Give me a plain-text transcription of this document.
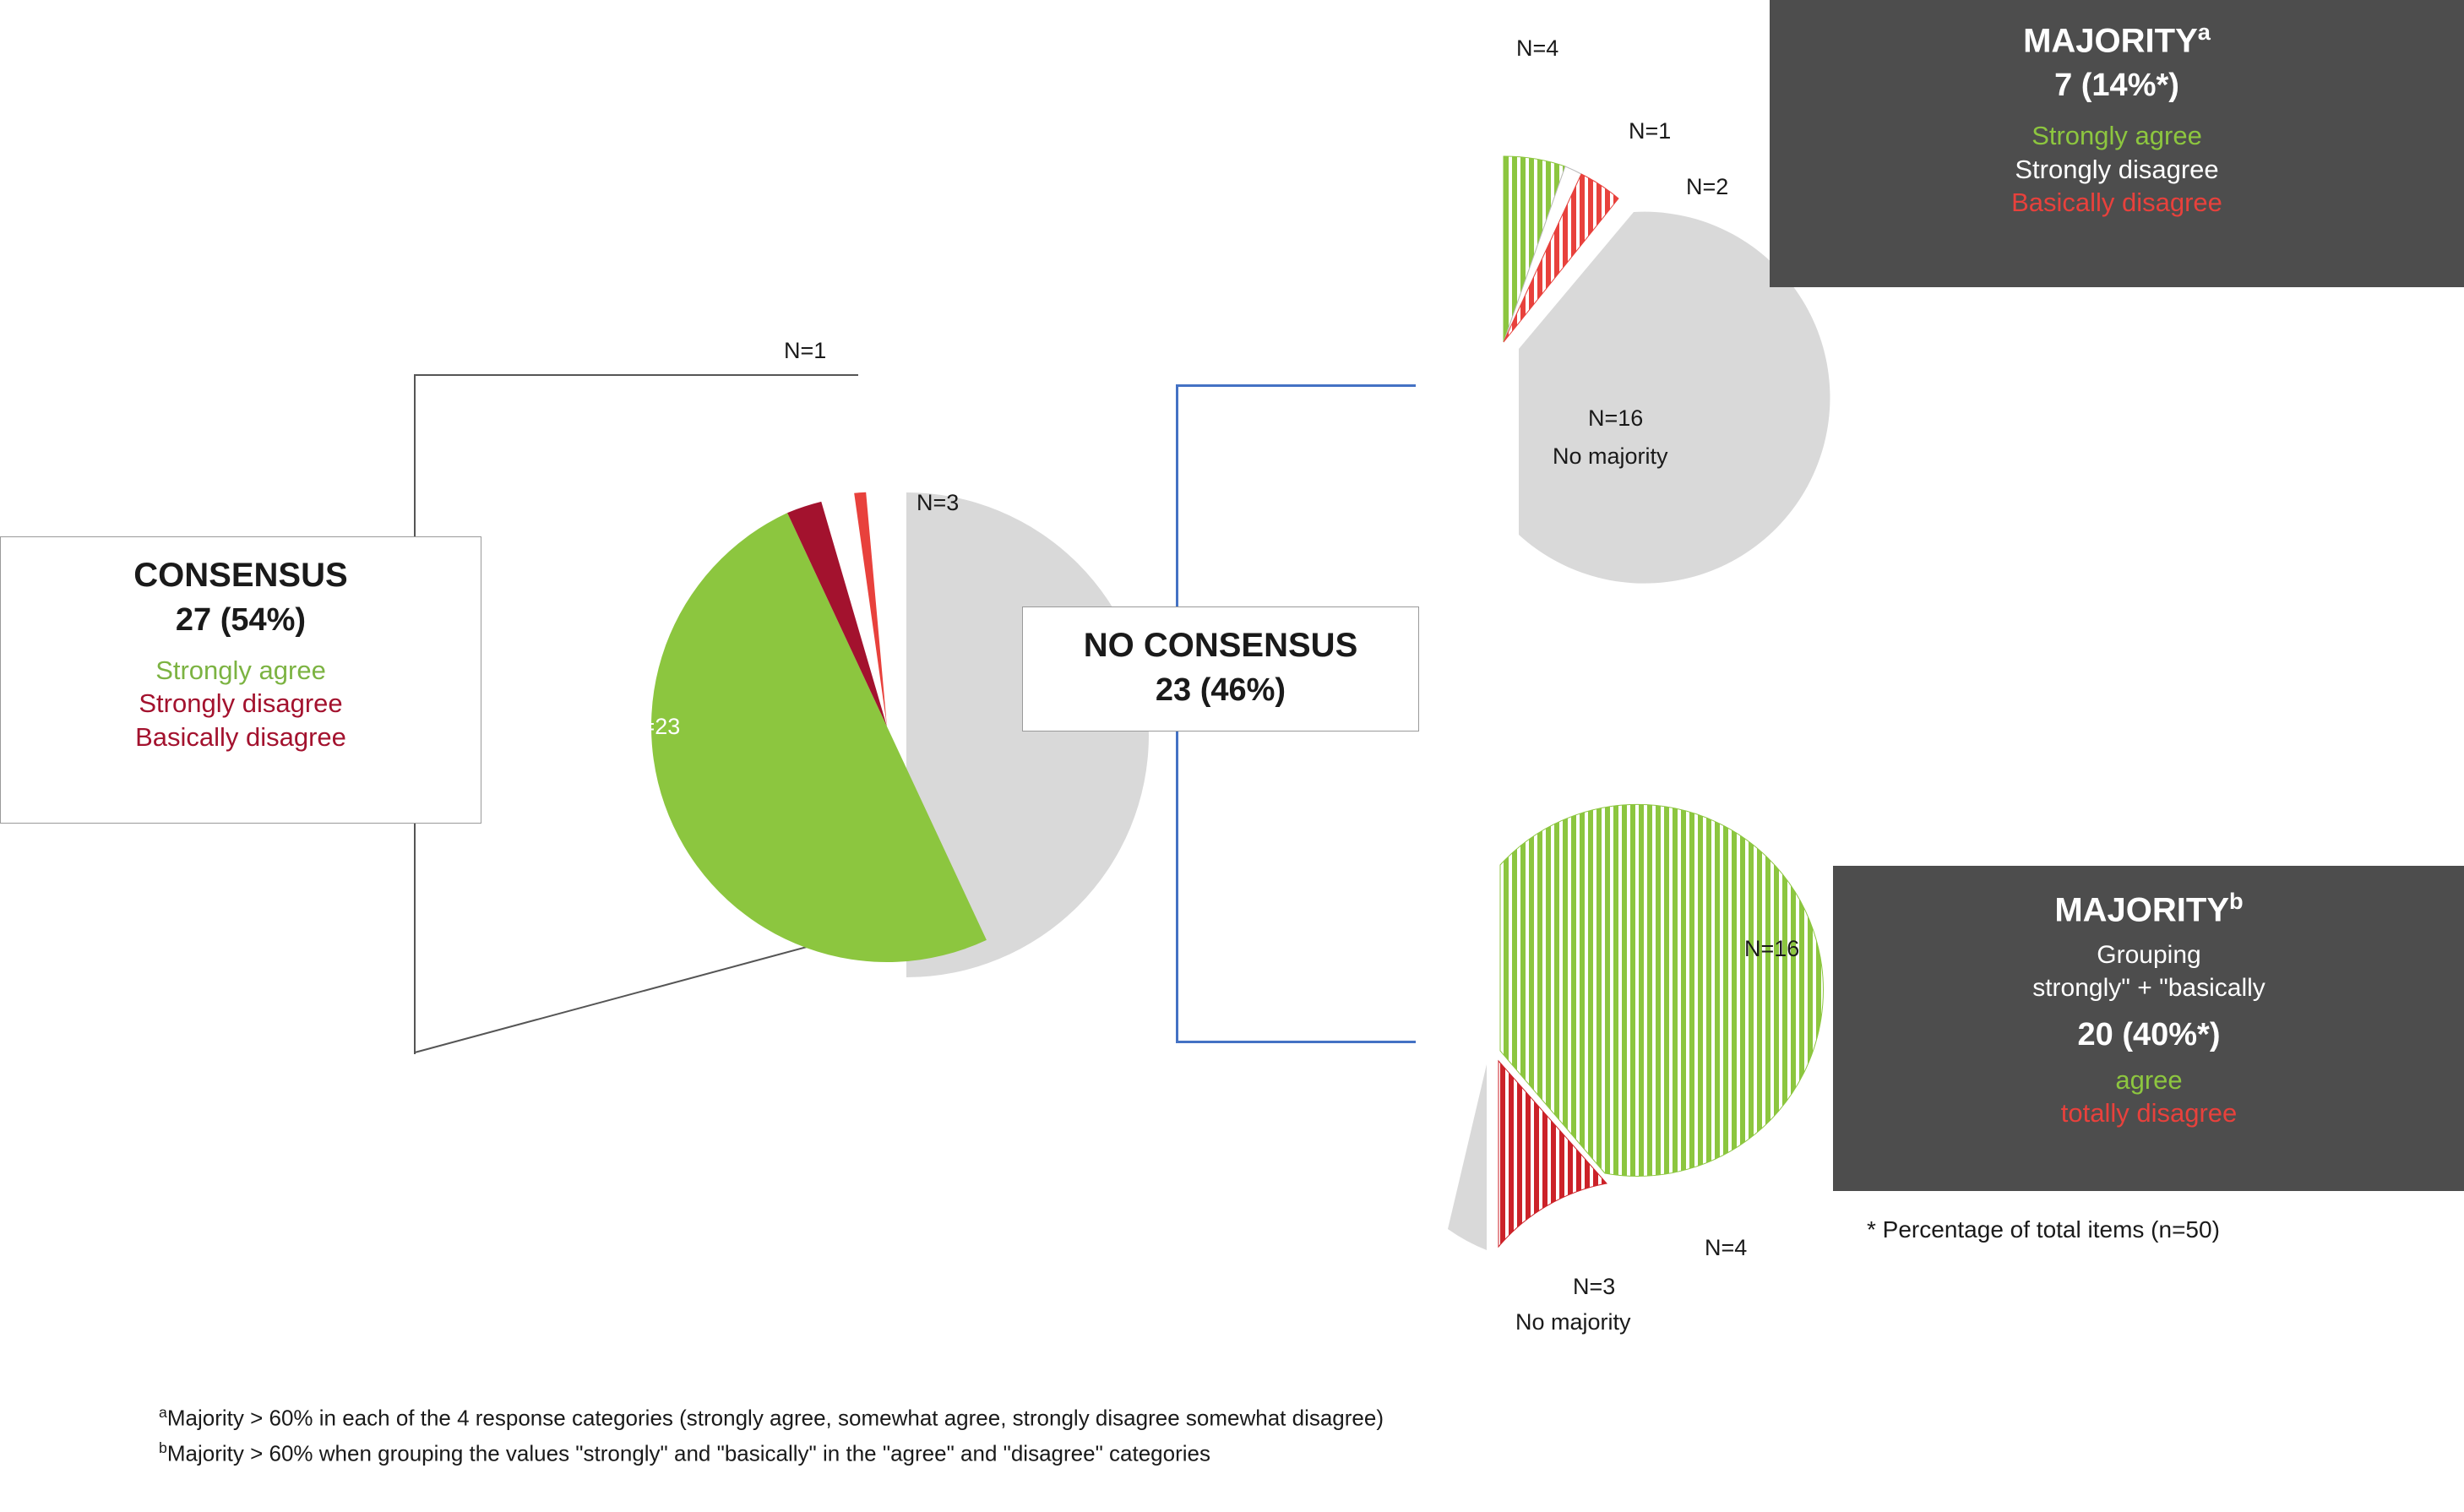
N=1
N=3
N=23
N=3
CONSENSUS
27 (54%)
Strongly agree
Strongly disagree
Basically disagree
NO CONSENSUS
23 (46%)
N=4
N=1
N=2
N=16
No majority
MAJORITY$^a$
7 (14%*)
Strongly agree
Strongly disagree
Basically disagree
N=16
N=4
N=3
No majority
MAJORITY$^b$
Grouping
strongly" + "basically
20 (40%*)
agree
totally disagree
* Percentage of total items (n=50)
$^a$Majority > 60% in each of the 4 response categories (strongly agree, somewhat agree, strongly disagree somewhat disagree)
$^b$Majority > 60% when grouping the values "strongly" and "basically" in the "agree" and "disagree" categories
